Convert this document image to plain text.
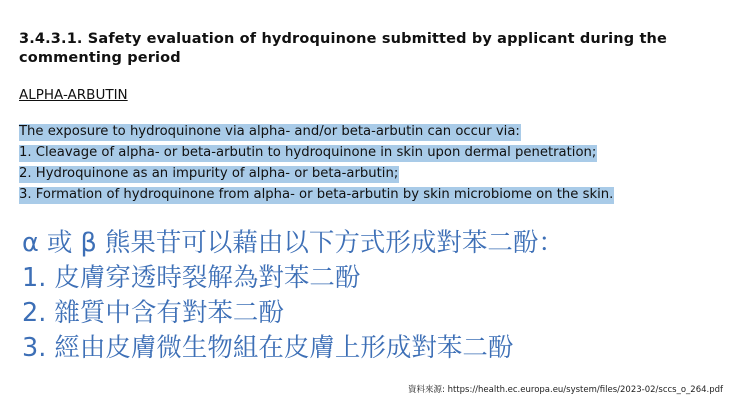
3.4.3.1. Safety evaluation of hydroquinone submitted by applicant during the commenting period
ALPHA-ARBUTIN
The exposure to hydroquinone via alpha- and/or beta-arbutin can occur via:
1. Cleavage of alpha- or beta-arbutin to hydroquinone in skin upon dermal penetration;
2. Hydroquinone as an impurity of alpha- or beta-arbutin;
3. Formation of hydroquinone from alpha- or beta-arbutin by skin microbiome on the skin.
α 或 β 熊果苷可以藉由以下方式形成對苯二酚：
1. 皮膚穿透時裂解為對苯二酚
2. 雜質中含有對苯二酚
3. 經由皮膚微生物組在皮膚上形成對苯二酚
資料來源: https://health.ec.europa.eu/system/files/2023-02/sccs_o_264.pdf
